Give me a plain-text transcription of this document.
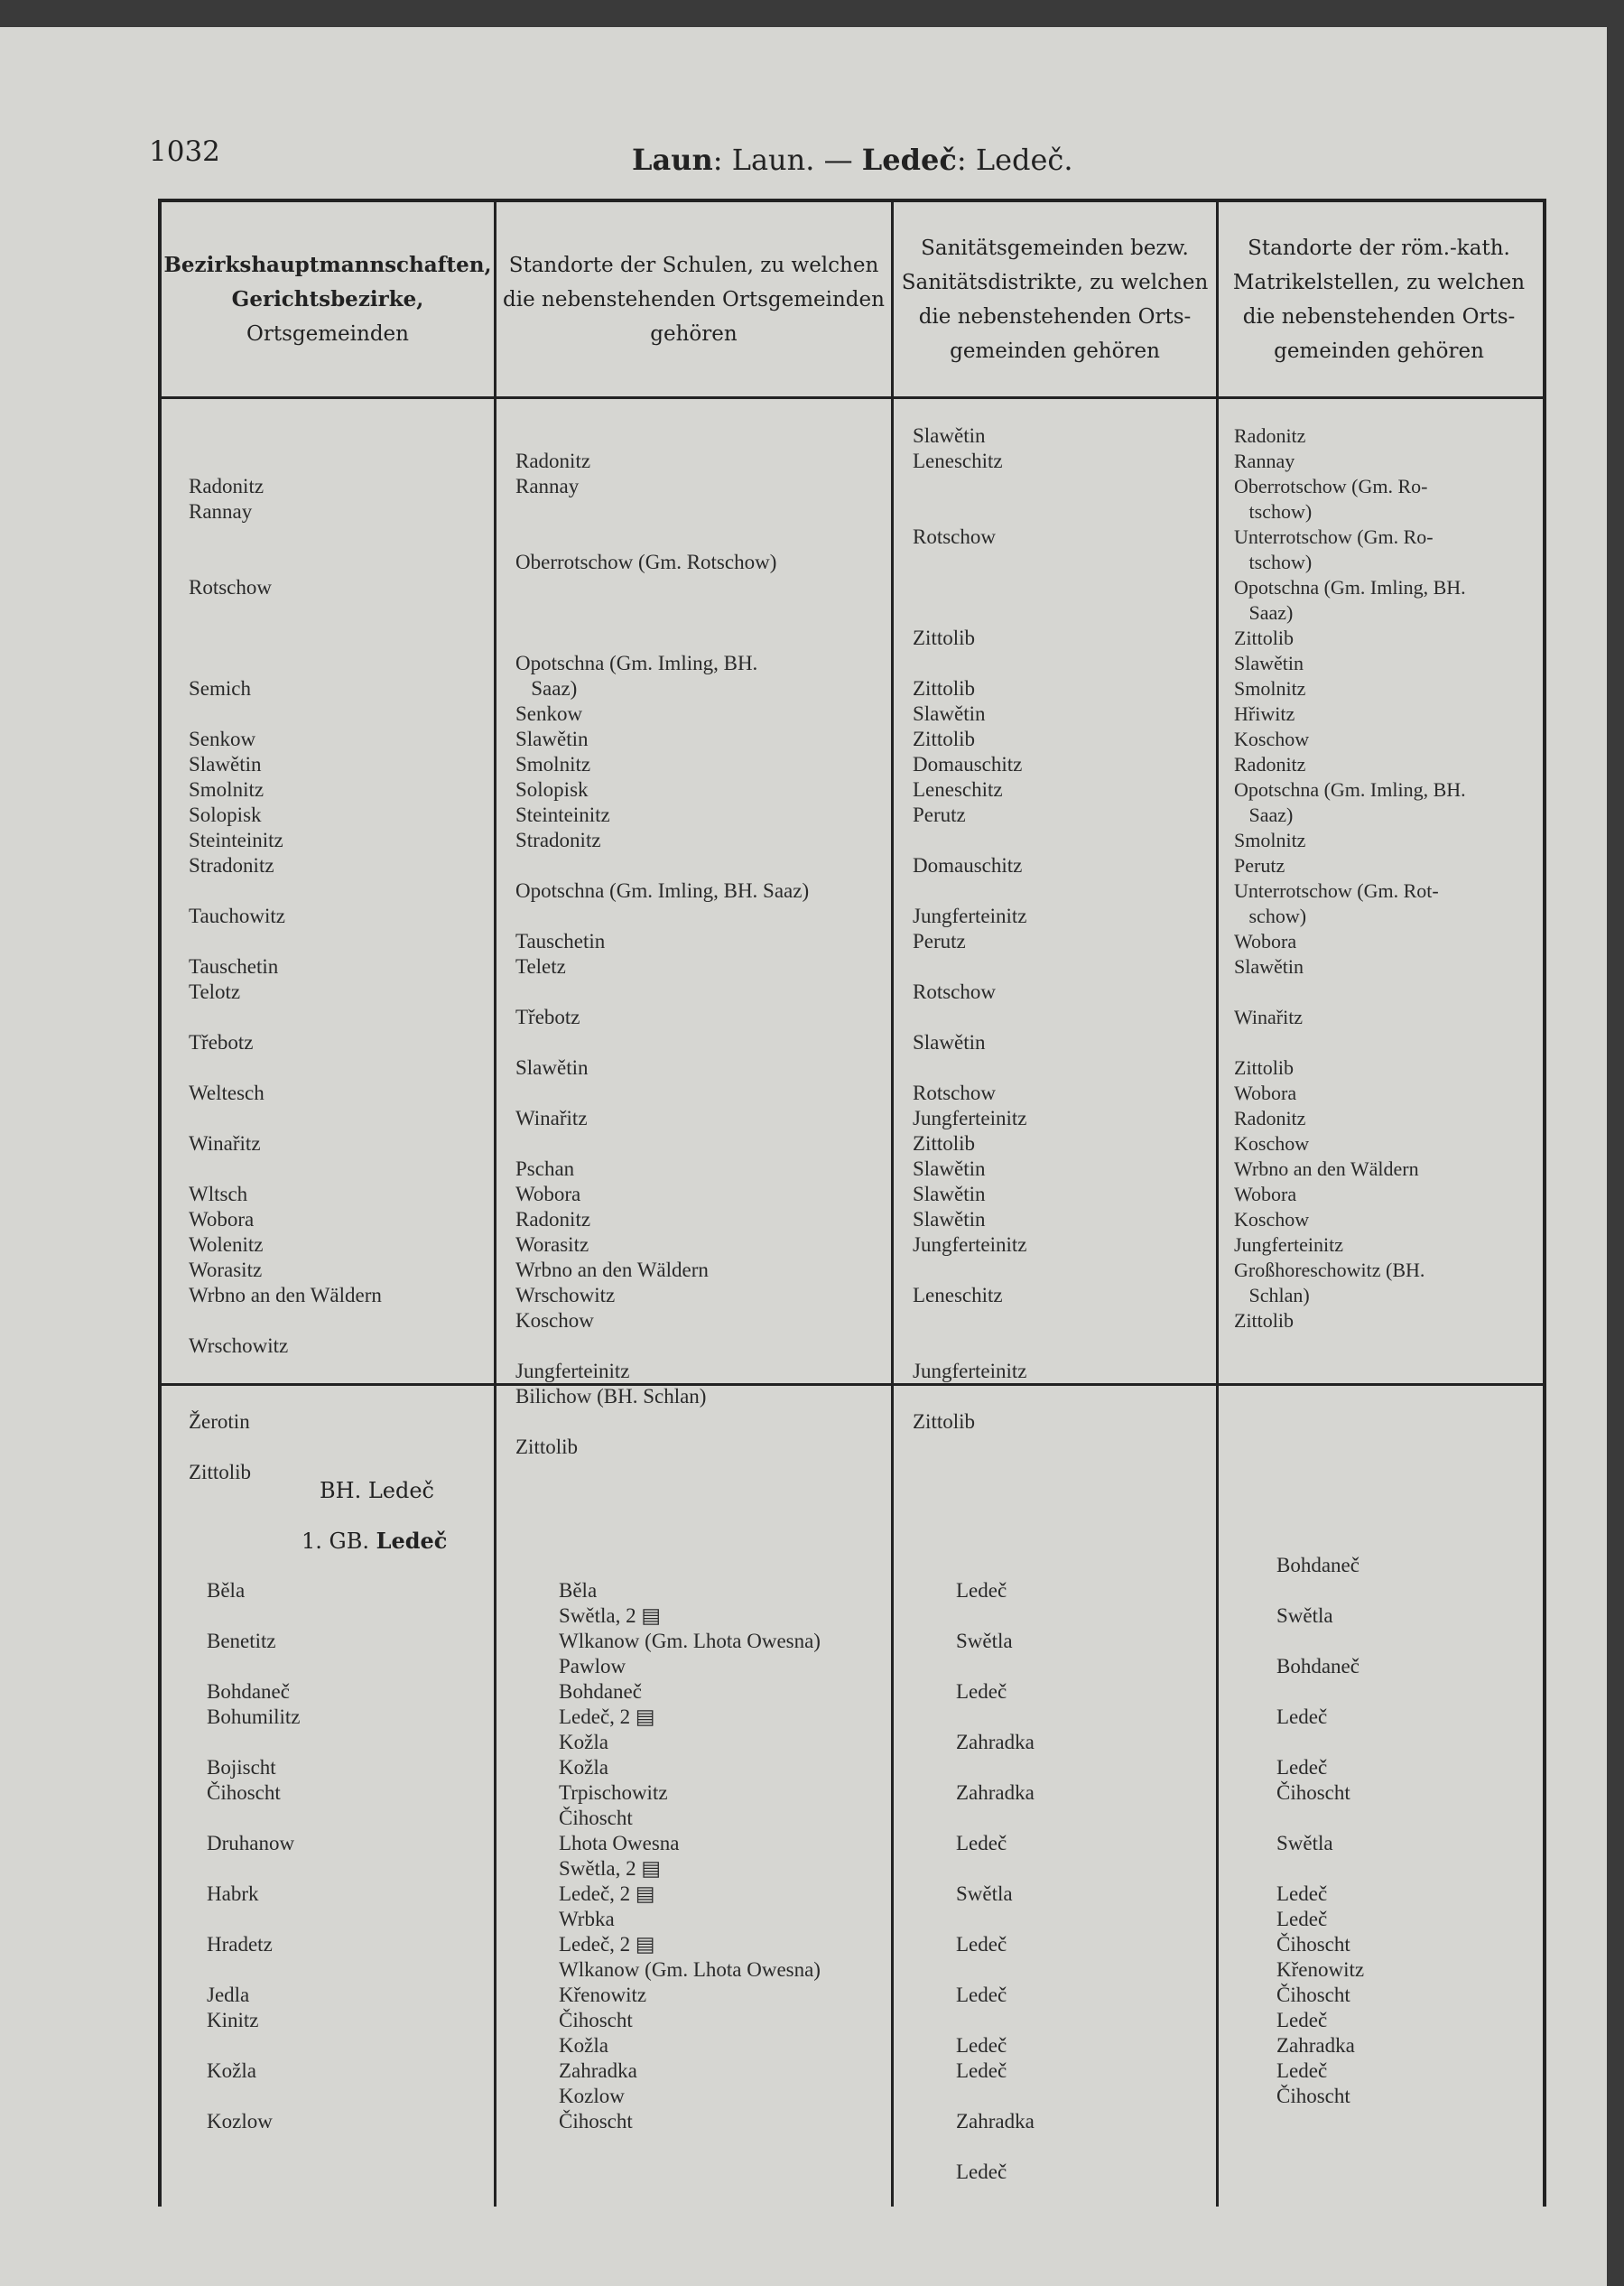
1032	Laun: Laun. — Ledeč: Ledeč.
Bezirkshauptmannschaften,
Gerichtsbezirke,
Ortsgemeinden
Standorte der Schulen, zu welchen
die nebenstehenden Ortsgemeinden
gehören
Sanitätsgemeinden bezw.
Sanitätsdistrikte, zu welchen
die nebenstehenden Orts-
gemeinden gehören
Standorte der röm.-kath.
Matrikelstellen, zu welchen
die nebenstehenden Orts-
gemeinden gehören
Radonitz
Rannay
Rotschow
Semich
Senkow
Slawětin
Smolnitz
Solopisk
Steinteinitz
Stradonitz
Tauchowitz
Tauschetin
Telotz
Třebotz
Weltesch
Winařitz
Wltsch
Wobora
Wolenitz
Worasitz
Wrbno an den Wäldern
Wrschowitz
Žerotin
Zittolib
Radonitz
Rannay
Oberrotschow (Gm. Rotschow)
Opotschna (Gm. Imling, BH.
Saaz)
Senkow
Slawětin
Smolnitz
Solopisk
Steinteinitz
Stradonitz
Opotschna (Gm. Imling, BH. Saaz)
Tauschetin
Teletz
Třebotz
Slawětin
Winařitz
Pschan
Wobora
Radonitz
Worasitz
Wrbno an den Wäldern
Wrschowitz
Koschow
Jungferteinitz
Bilichow (BH. Schlan)
Zittolib
Slawětin
Leneschitz
Rotschow
Zittolib
Zittolib
Slawětin
Zittolib
Domauschitz
Leneschitz
Perutz
Domauschitz
Jungferteinitz
Perutz
Rotschow
Slawětin
Rotschow
Jungferteinitz
Zittolib
Slawětin
Slawětin
Slawětin
Jungferteinitz
Leneschitz
Jungferteinitz
Zittolib
Radonitz
Rannay
Oberrotschow (Gm. Ro-
tschow)
Unterrotschow (Gm. Ro-
tschow)
Opotschna (Gm. Imling, BH.
Saaz)
Zittolib
Slawětin
Smolnitz
Hřiwitz
Koschow
Radonitz
Opotschna (Gm. Imling, BH.
Saaz)
Smolnitz
Perutz
Unterrotschow (Gm. Rot-
schow)
Wobora
Slawětin
Winařitz
Zittolib
Wobora
Radonitz
Koschow
Wrbno an den Wäldern
Wobora
Koschow
Jungferteinitz
Großhoreschowitz (BH.
Schlan)
Zittolib
BH. Ledeč
1. GB. Ledeč
Běla
Benetitz
Bohdaneč
Bohumilitz
Bojischt
Čihoscht
Druhanow
Habrk
Hradetz
Jedla
Kinitz
Kožla
Kozlow
Běla
Swětla, 2 ▤
Wlkanow (Gm. Lhota Owesna)
Pawlow
Bohdaneč
Ledeč, 2 ▤
Kožla
Kožla
Trpischowitz
Čihoscht
Lhota Owesna
Swětla, 2 ▤
Ledeč, 2 ▤
Wrbka
Ledeč, 2 ▤
Wlkanow (Gm. Lhota Owesna)
Křenowitz
Čihoscht
Kožla
Zahradka
Kozlow
Čihoscht
Ledeč
Swětla
Ledeč
Zahradka
Zahradka
Ledeč
Swětla
Ledeč
Ledeč
Ledeč
Ledeč
Zahradka
Ledeč
Bohdaneč
Swětla
Bohdaneč
Ledeč
Ledeč
Čihoscht
Swětla
Ledeč
Ledeč
Čihoscht
Křenowitz
Čihoscht
Ledeč
Zahradka
Ledeč
Čihoscht
